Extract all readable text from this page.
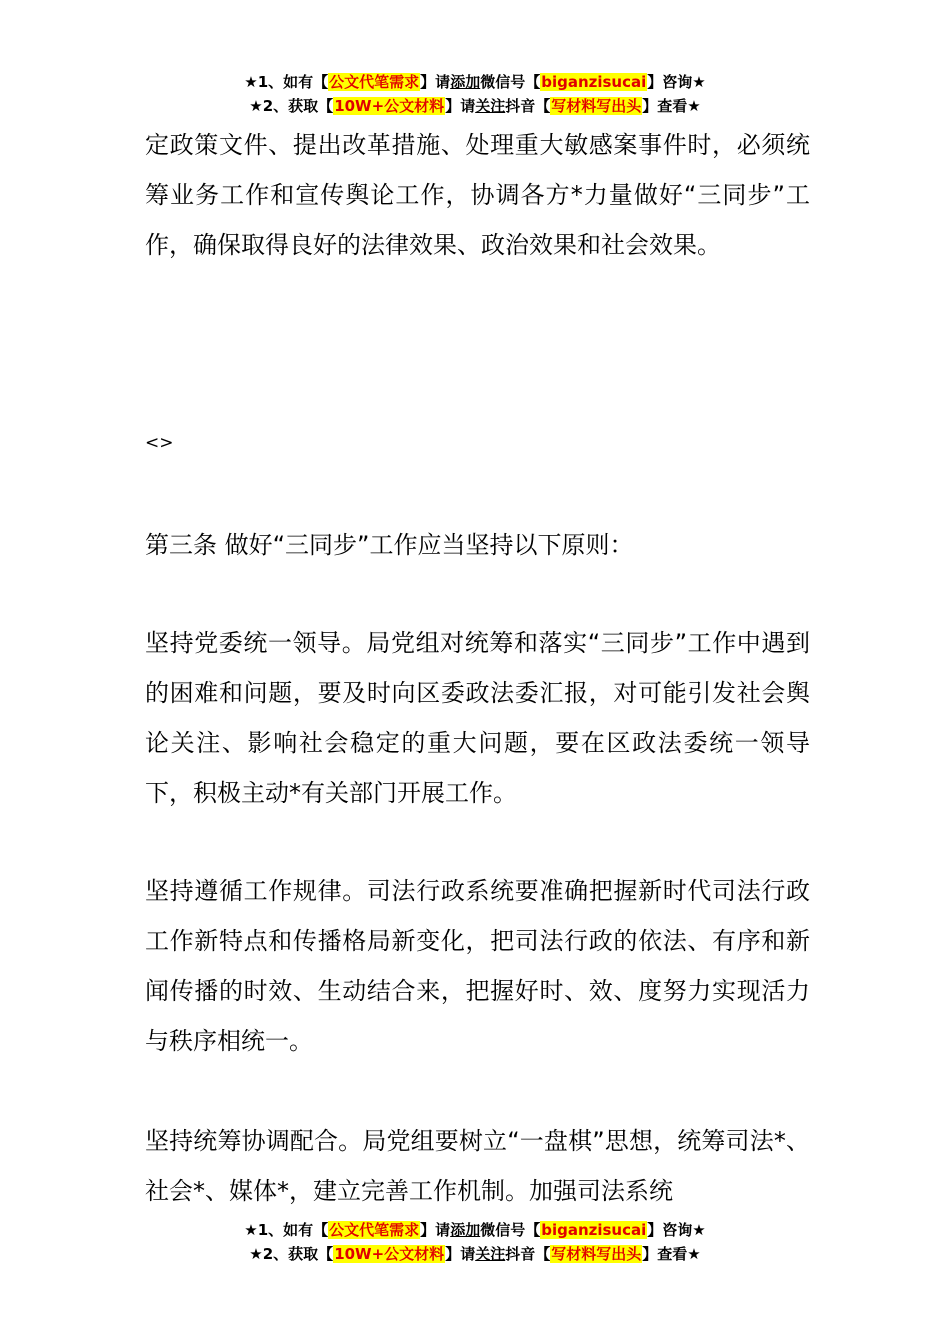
★1、如有【公文代笔需求】请添加微信号【biganzisucai】咨询★
★2、获取【10W+公文材料】请关注抖音【写材料写出头】查看★

定政策文件、提出改革措施、处理重大敏感案事件时，必须统筹业务工作和宣传舆论工作，协调各方*力量做好“三同步”工作，确保取得良好的法律效果、政治效果和社会效果。

<>

第三条 做好“三同步”工作应当坚持以下原则：

坚持党委统一领导。局党组对统筹和落实“三同步”工作中遇到的困难和问题，要及时向区委政法委汇报，对可能引发社会舆论关注、影响社会稳定的重大问题，要在区政法委统一领导下，积极主动*有关部门开展工作。

坚持遵循工作规律。司法行政系统要准确把握新时代司法行政工作新特点和传播格局新变化，把司法行政的依法、有序和新闻传播的时效、生动结合来，把握好时、效、度努力实现活力与秩序相统一。

坚持统筹协调配合。局党组要树立“一盘棋”思想，统筹司法*、社会*、媒体*，建立完善工作机制。加强司法系统

★1、如有【公文代笔需求】请添加微信号【biganzisucai】咨询★
★2、获取【10W+公文材料】请关注抖音【写材料写出头】查看★
